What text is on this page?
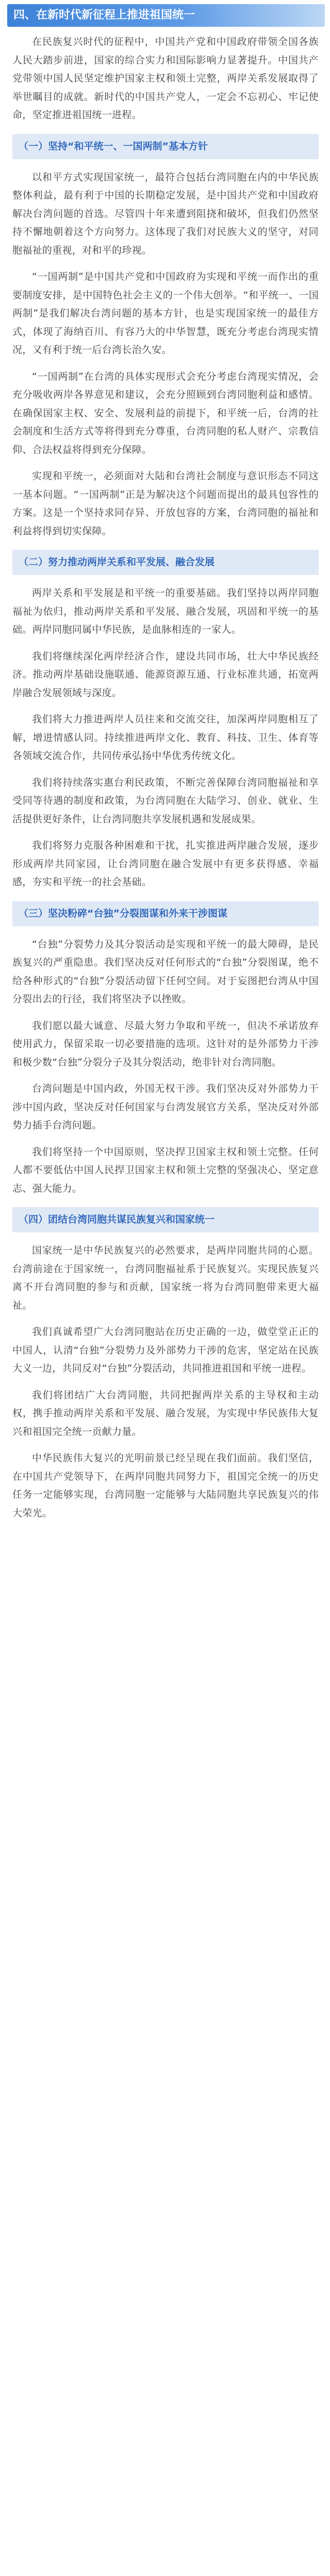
四、在新时代新征程上推进祖国统一

在民族复兴时代的征程中，中国共产党和中国政府带领全国各族人民大踏步前进，国家的综合实力和国际影响力显著提升。中国共产党带领中国人民坚定维护国家主权和领土完整，两岸关系发展取得了举世瞩目的成就。新时代的中国共产党人，一定会不忘初心、牢记使命，坚定推进祖国统一进程。

（一）坚持“和平统一、一国两制”基本方针

以和平方式实现国家统一，最符合包括台湾同胞在内的中华民族整体利益，最有利于中国的长期稳定发展，是中国共产党和中国政府解决台湾问题的首选。尽管四十年来遭到阻挠和破坏，但我们仍然坚持不懈地朝着这个方向努力。这体现了我们对民族大义的坚守，对同胞福祉的重视，对和平的珍视。

“一国两制”是中国共产党和中国政府为实现和平统一而作出的重要制度安排，是中国特色社会主义的一个伟大创举。“和平统一、一国两制”是我们解决台湾问题的基本方针，也是实现国家统一的最佳方式，体现了海纳百川、有容乃大的中华智慧，既充分考虑台湾现实情况，又有利于统一后台湾长治久安。

“一国两制”在台湾的具体实现形式会充分考虑台湾现实情况，会充分吸收两岸各界意见和建议，会充分照顾到台湾同胞利益和感情。在确保国家主权、安全、发展利益的前提下，和平统一后，台湾的社会制度和生活方式等将得到充分尊重，台湾同胞的私人财产、宗教信仰、合法权益将得到充分保障。

实现和平统一，必须面对大陆和台湾社会制度与意识形态不同这一基本问题。“一国两制”正是为解决这个问题而提出的最具包容性的方案。这是一个坚持求同存异、开放包容的方案，台湾同胞的福祉和利益将得到切实保障。

（二）努力推动两岸关系和平发展、融合发展

两岸关系和平发展是和平统一的重要基础。我们坚持以两岸同胞福祉为依归，推动两岸关系和平发展、融合发展，巩固和平统一的基础。两岸同胞同属中华民族，是血脉相连的一家人。

我们将继续深化两岸经济合作，建设共同市场，壮大中华民族经济。推动两岸基础设施联通、能源资源互通、行业标准共通，拓宽两岸融合发展领域与深度。

我们将大力推进两岸人员往来和交流交往，加深两岸同胞相互了解，增进情感认同。持续推进两岸文化、教育、科技、卫生、体育等各领域交流合作，共同传承弘扬中华优秀传统文化。

我们将持续落实惠台利民政策，不断完善保障台湾同胞福祉和享受同等待遇的制度和政策，为台湾同胞在大陆学习、创业、就业、生活提供更好条件，让台湾同胞共享发展机遇和发展成果。

我们将努力克服各种困难和干扰，扎实推进两岸融合发展，逐步形成两岸共同家园，让台湾同胞在融合发展中有更多获得感、幸福感，夯实和平统一的社会基础。

（三）坚决粉碎“台独”分裂图谋和外来干涉图谋

“台独”分裂势力及其分裂活动是实现和平统一的最大障碍，是民族复兴的严重隐患。我们坚决反对任何形式的“台独”分裂图谋，绝不给各种形式的“台独”分裂活动留下任何空间。对于妄图把台湾从中国分裂出去的行径，我们将坚决予以挫败。

我们愿以最大诚意、尽最大努力争取和平统一，但决不承诺放弃使用武力，保留采取一切必要措施的选项。这针对的是外部势力干涉和极少数“台独”分裂分子及其分裂活动，绝非针对台湾同胞。

台湾问题是中国内政，外国无权干涉。我们坚决反对外部势力干涉中国内政，坚决反对任何国家与台湾发展官方关系，坚决反对外部势力插手台湾问题。

我们将坚持一个中国原则，坚决捍卫国家主权和领土完整。任何人都不要低估中国人民捍卫国家主权和领土完整的坚强决心、坚定意志、强大能力。

（四）团结台湾同胞共谋民族复兴和国家统一

国家统一是中华民族复兴的必然要求，是两岸同胞共同的心愿。台湾前途在于国家统一，台湾同胞福祉系于民族复兴。实现民族复兴离不开台湾同胞的参与和贡献，国家统一将为台湾同胞带来更大福祉。

我们真诚希望广大台湾同胞站在历史正确的一边，做堂堂正正的中国人，认清“台独”分裂势力及外部势力干涉的危害，坚定站在民族大义一边，共同反对“台独”分裂活动，共同推进祖国和平统一进程。

我们将团结广大台湾同胞，共同把握两岸关系的主导权和主动权，携手推动两岸关系和平发展、融合发展，为实现中华民族伟大复兴和祖国完全统一贡献力量。

中华民族伟大复兴的光明前景已经呈现在我们面前。我们坚信，在中国共产党领导下，在两岸同胞共同努力下，祖国完全统一的历史任务一定能够实现，台湾同胞一定能够与大陆同胞共享民族复兴的伟大荣光。
